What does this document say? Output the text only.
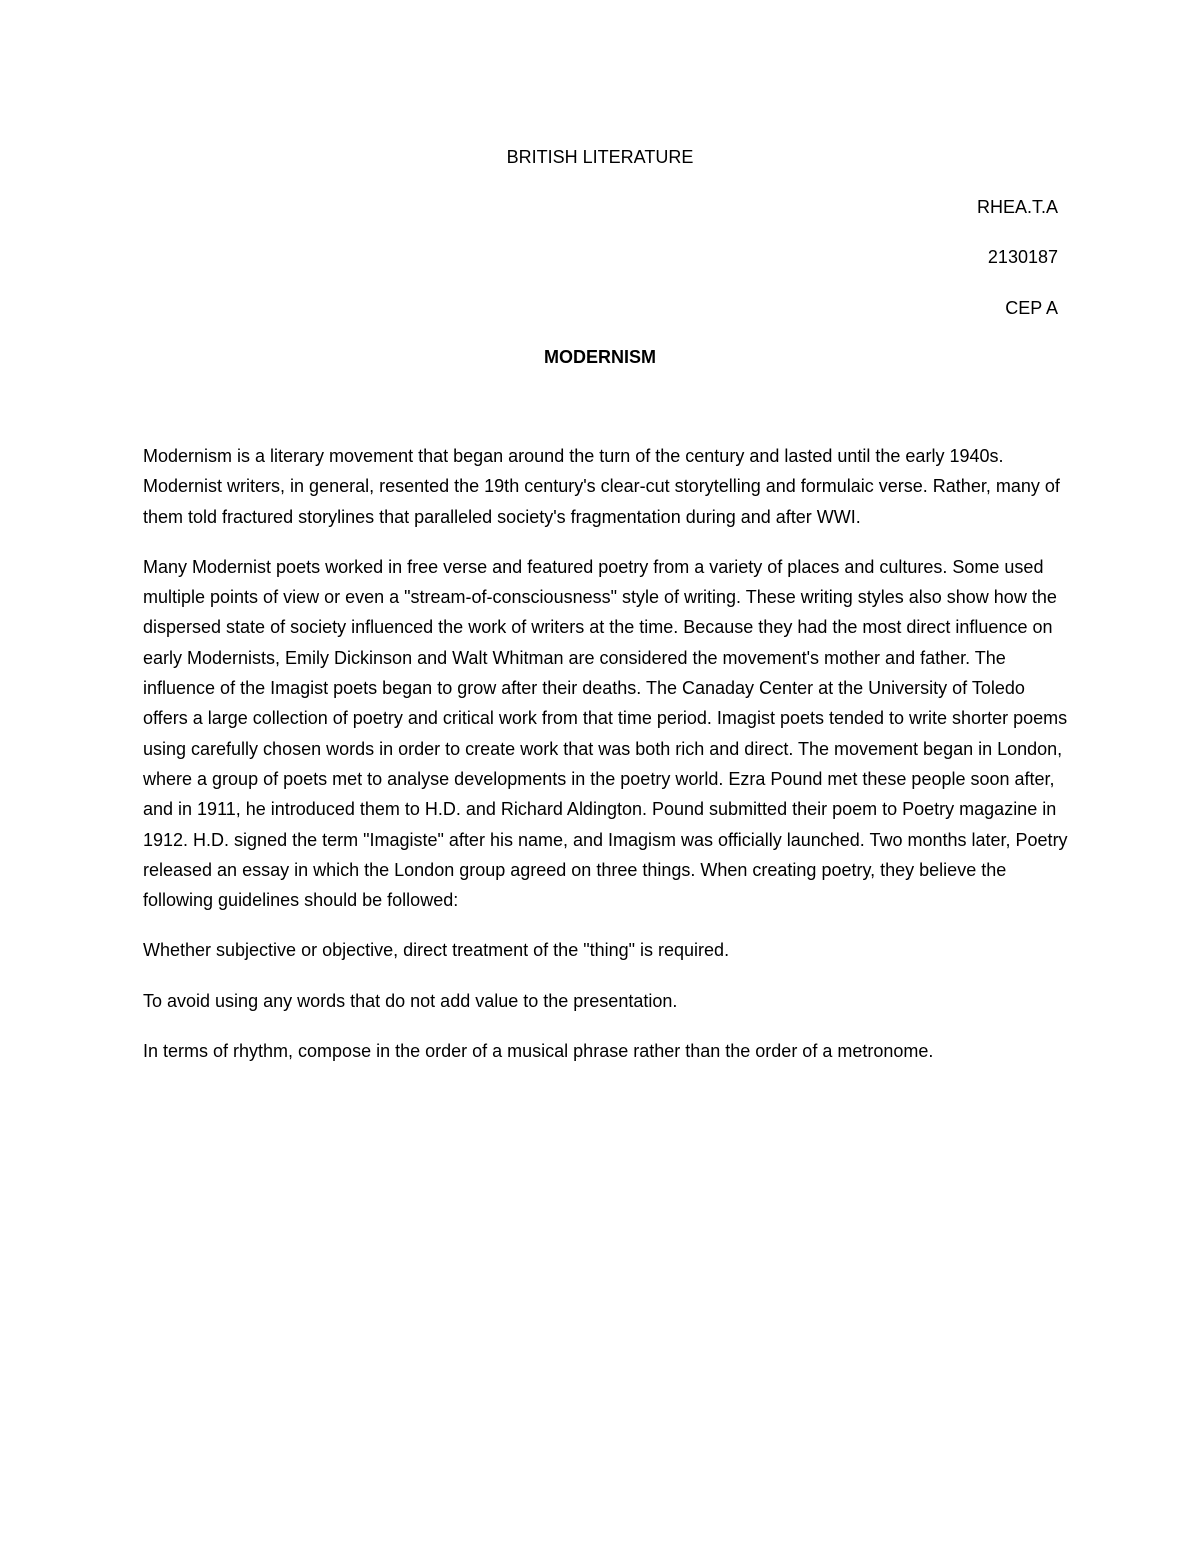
BRITISH LITERATURE
RHEA.T.A
2130187
CEP A
MODERNISM

Modernism is a literary movement that began around the turn of the century and lasted until the early 1940s. Modernist writers, in general, resented the 19th century's clear-cut storytelling and formulaic verse. Rather, many of them told fractured storylines that paralleled society's fragmentation during and after WWI.

Many Modernist poets worked in free verse and featured poetry from a variety of places and cultures. Some used multiple points of view or even a "stream-of-consciousness" style of writing. These writing styles also show how the dispersed state of society influenced the work of writers at the time. Because they had the most direct influence on early Modernists, Emily Dickinson and Walt Whitman are considered the movement's mother and father. The influence of the Imagist poets began to grow after their deaths. The Canaday Center at the University of Toledo offers a large collection of poetry and critical work from that time period. Imagist poets tended to write shorter poems using carefully chosen words in order to create work that was both rich and direct. The movement began in London, where a group of poets met to analyse developments in the poetry world. Ezra Pound met these people soon after, and in 1911, he introduced them to H.D. and Richard Aldington. Pound submitted their poem to Poetry magazine in 1912. H.D. signed the term "Imagiste" after his name, and Imagism was officially launched. Two months later, Poetry released an essay in which the London group agreed on three things. When creating poetry, they believe the following guidelines should be followed:

Whether subjective or objective, direct treatment of the "thing" is required.

To avoid using any words that do not add value to the presentation.

In terms of rhythm, compose in the order of a musical phrase rather than the order of a metronome.
